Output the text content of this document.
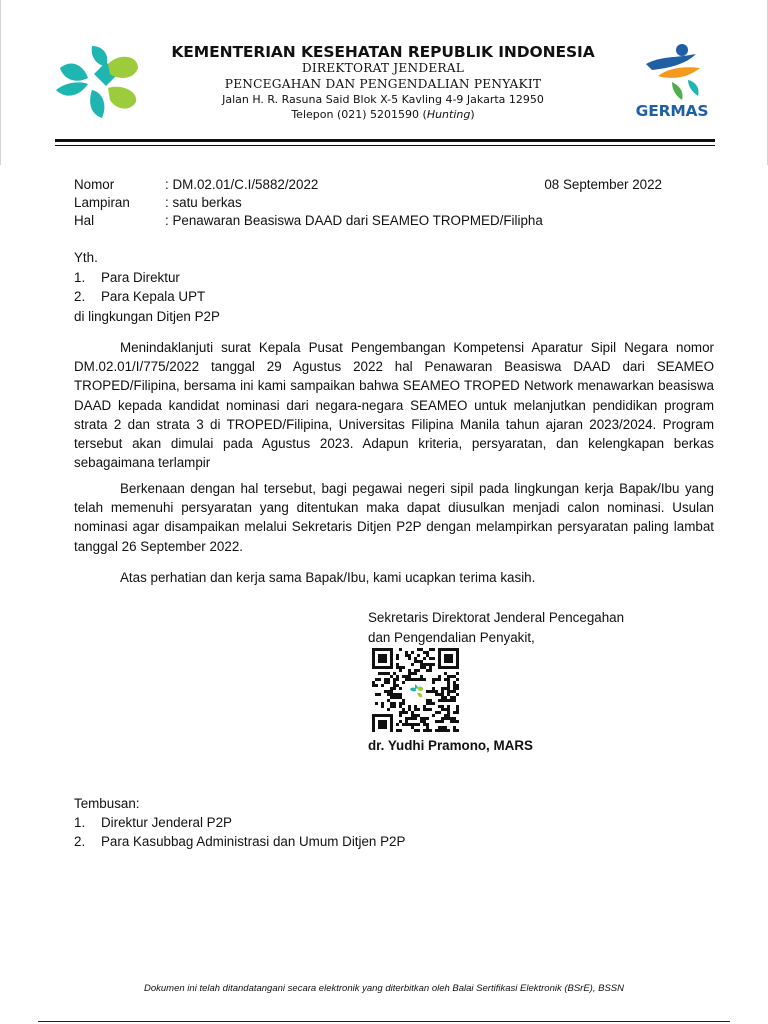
KEMENTERIAN KESEHATAN REPUBLIK INDONESIA
DIREKTORAT JENDERAL
PENCEGAHAN DAN PENGENDALIAN PENYAKIT
Jalan H. R. Rasuna Said Blok X-5 Kavling 4-9 Jakarta 12950
Telepon (021) 5201590 (Hunting)	GERMAS
Nomor	: DM.02.01/C.I/5882/2022
Lampiran	: satu berkas
Hal	: Penawaran Beasiswa DAAD dari SEAMEO TROPMED/Filipha
08 September 2022
Yth.
1.	Para Direktur
2.	Para Kepala UPT
di lingkungan Ditjen P2P

Menindaklanjuti surat Kepala Pusat Pengembangan Kompetensi Aparatur Sipil Negara nomor DM.02.01/I/775/2022 tanggal 29 Agustus 2022 hal Penawaran Beasiswa DAAD dari SEAMEO TROPED/Filipina, bersama ini kami sampaikan bahwa SEAMEO TROPED Network menawarkan beasiswa DAAD kepada kandidat nominasi dari negara-negara SEAMEO untuk melanjutkan pendidikan program strata 2 dan strata 3 di TROPED/Filipina, Universitas Filipina Manila tahun ajaran 2023/2024. Program tersebut akan dimulai pada Agustus 2023. Adapun kriteria, persyaratan, dan kelengkapan berkas sebagaimana terlampir

Berkenaan dengan hal tersebut, bagi pegawai negeri sipil pada lingkungan kerja Bapak/Ibu yang telah memenuhi persyaratan yang ditentukan maka dapat diusulkan menjadi calon nominasi. Usulan nominasi agar disampaikan melalui Sekretaris Ditjen P2P dengan melampirkan persyaratan paling lambat tanggal 26 September 2022.

Atas perhatian dan kerja sama Bapak/Ibu, kami ucapkan terima kasih.

Sekretaris Direktorat Jenderal Pencegahan
dan Pengendalian Penyakit,
dr. Yudhi Pramono, MARS
Tembusan:
1.	Direktur Jenderal P2P
2.	Para Kasubbag Administrasi dan Umum Ditjen P2P
Dokumen ini telah ditandatangani secara elektronik yang diterbitkan oleh Balai Sertifikasi Elektronik (BSrE), BSSN
